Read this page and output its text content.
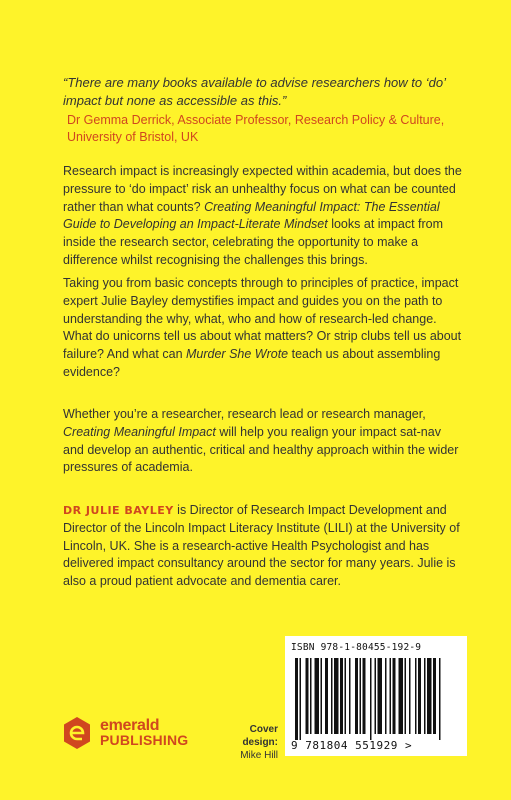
“There are many books available to advise researchers how to ‘do’ impact but none as accessible as this.”

Dr Gemma Derrick, Associate Professor, Research Policy & Culture, University of Bristol, UK

Research impact is increasingly expected within academia, but does the pressure to ‘do impact’ risk an unhealthy focus on what can be counted rather than what counts? Creating Meaningful Impact: The Essential Guide to Developing an Impact-Literate Mindset looks at impact from inside the research sector, celebrating the opportunity to make a difference whilst recognising the challenges this brings.

Taking you from basic concepts through to principles of practice, impact expert Julie Bayley demystifies impact and guides you on the path to understanding the why, what, who and how of research-led change. What do unicorns tell us about what matters? Or strip clubs tell us about failure? And what can Murder She Wrote teach us about assembling evidence?

Whether you’re a researcher, research lead or research manager, Creating Meaningful Impact will help you realign your impact sat-nav and develop an authentic, critical and healthy approach within the wider pressures of academia.

DR JULIE BAYLEY is Director of Research Impact Development and Director of the Lincoln Impact Literacy Institute (LILI) at the University of Lincoln, UK. She is a research-active Health Psychologist and has delivered impact consultancy around the sector for many years. Julie is also a proud patient advocate and dementia carer.

emerald
PUBLISHING
Cover design:
Mike Hill
ISBN 978-1-80455-192-9
9 781804 551929 >
